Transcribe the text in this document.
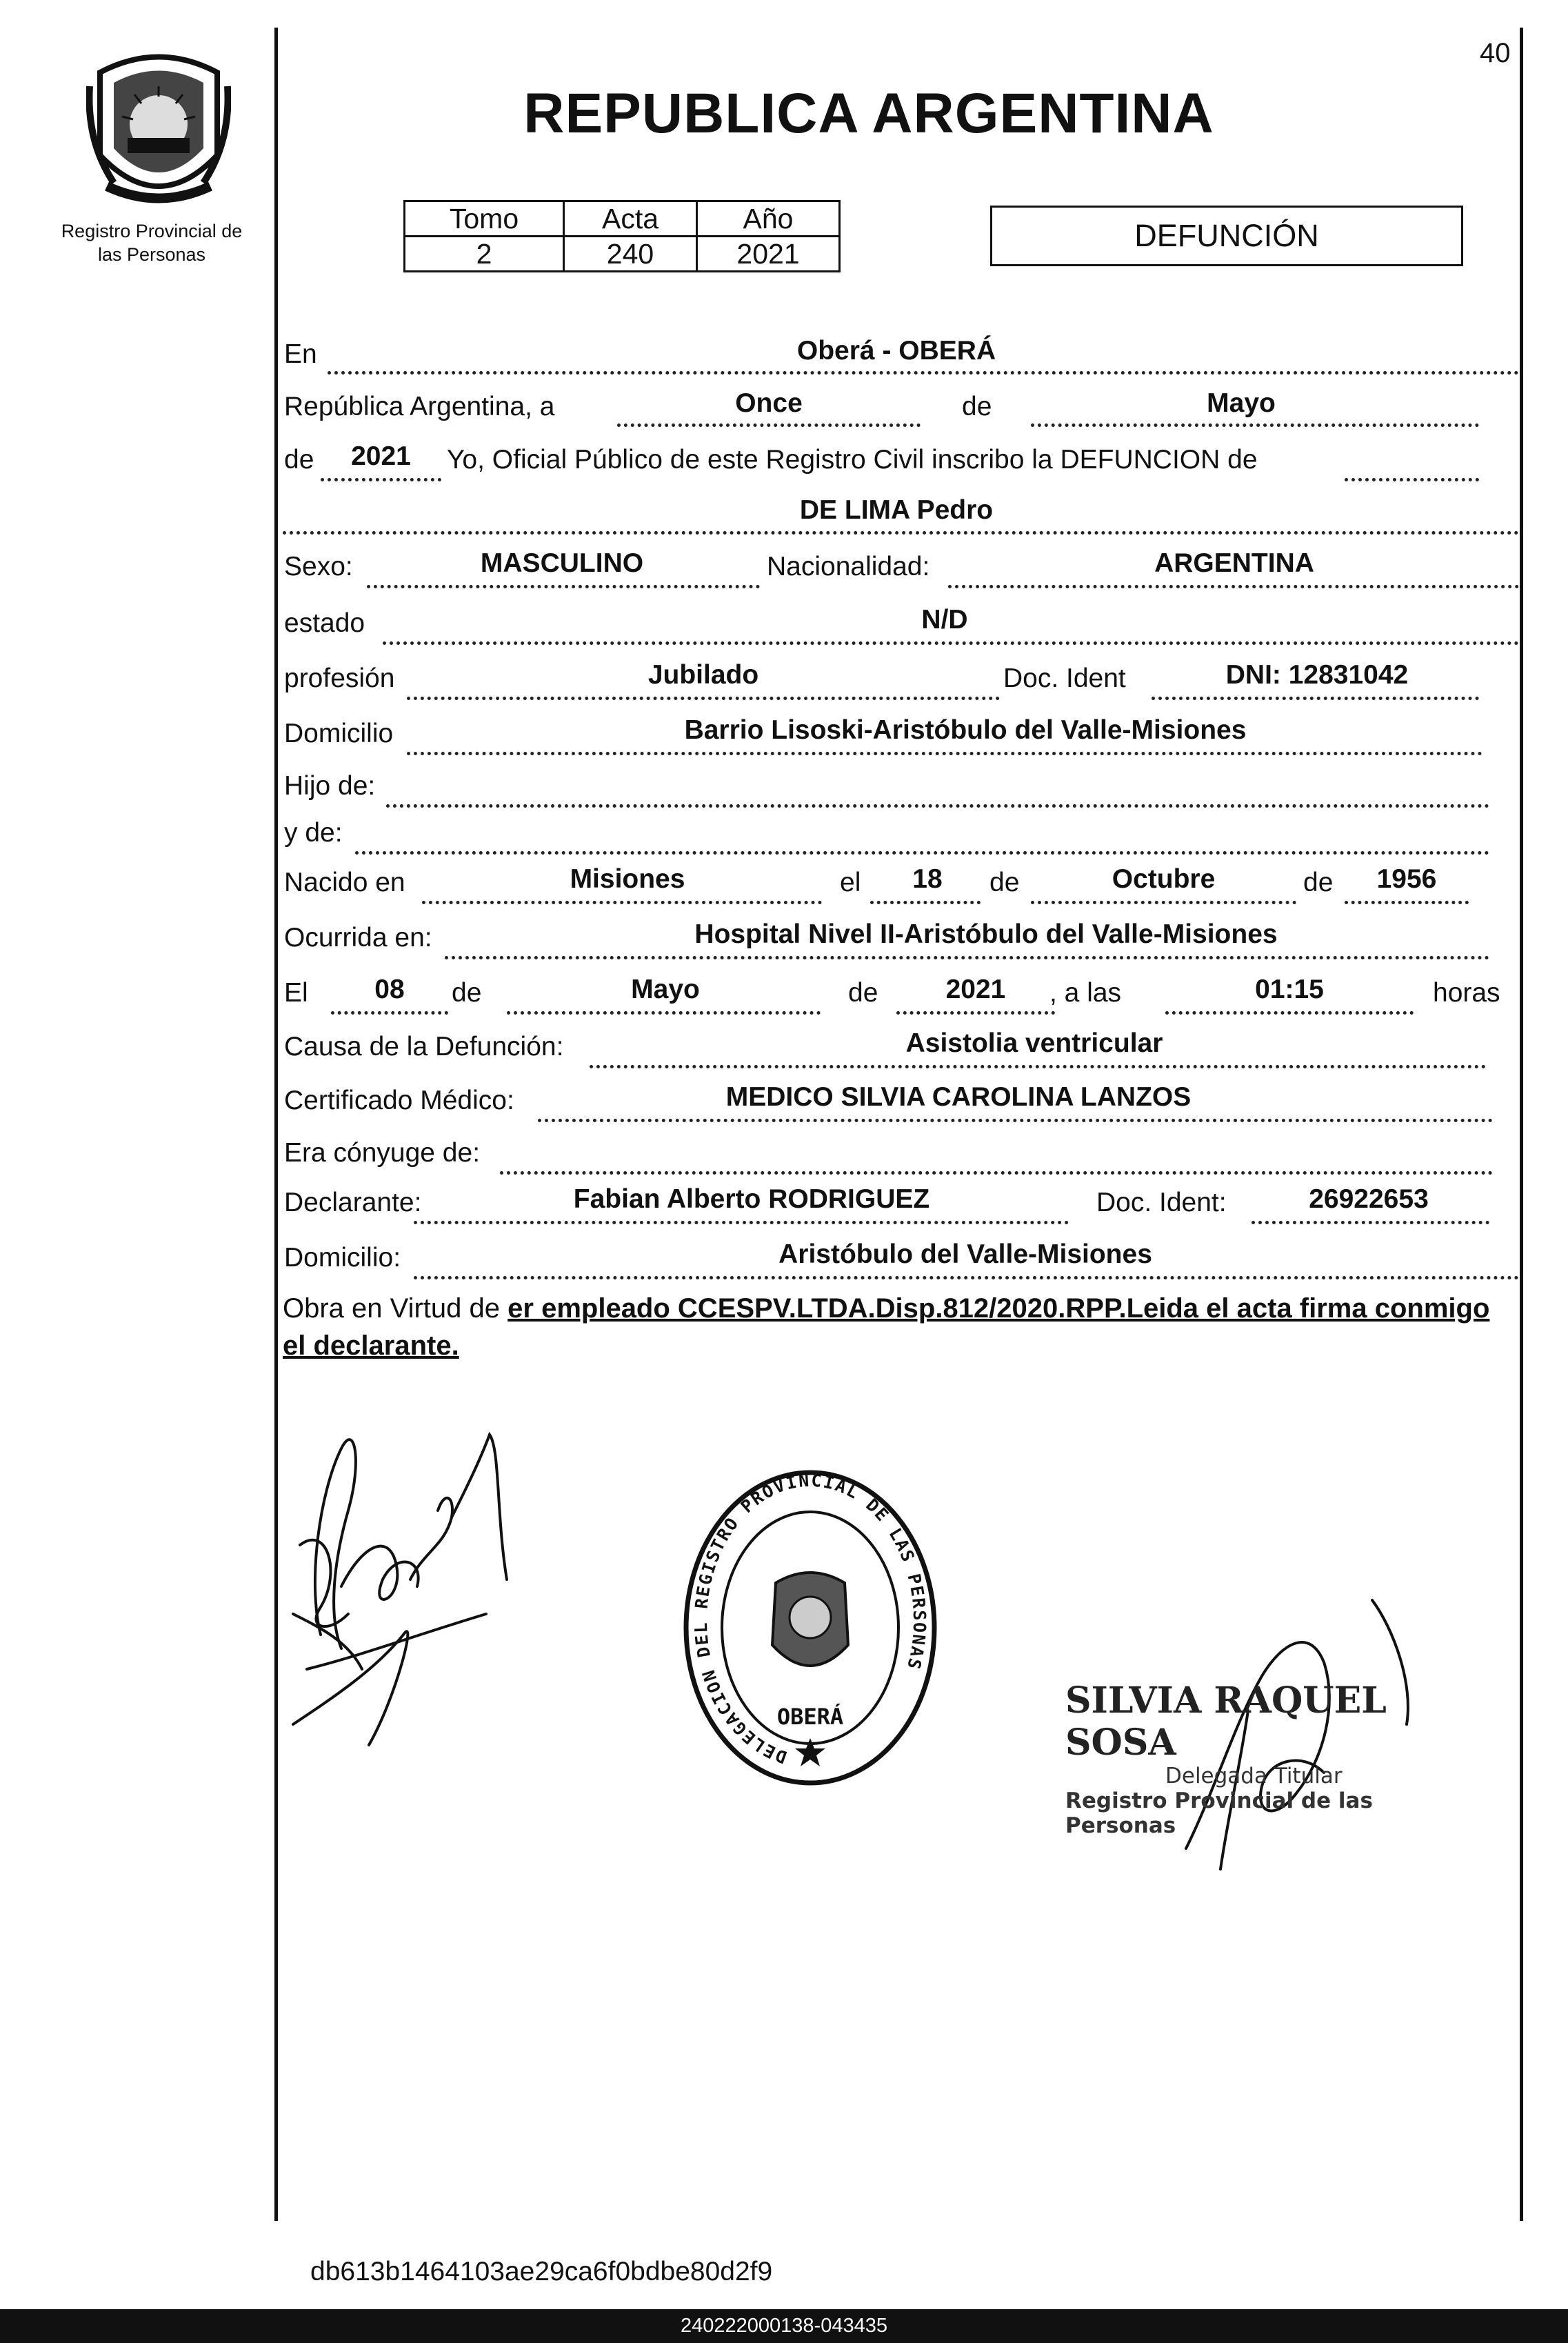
40
Registro Provincial de
las Personas
REPUBLICA ARGENTINA
Tomo	Acta	Año
2	240	2021
DEFUNCIÓN
En	Oberá - OBERÁ
República Argentina, a	Once	de	Mayo
de	2021	Yo, Oficial Público de este Registro Civil inscribo la DEFUNCION de
DE LIMA Pedro
Sexo:	MASCULINO	Nacionalidad:	ARGENTINA
estado	N/D
profesión	Jubilado	Doc. Ident	DNI: 12831042
Domicilio	Barrio Lisoski-Aristóbulo del Valle-Misiones
Hijo de:
y de:
Nacido en	Misiones	el	18	de	Octubre	de	1956
Ocurrida en:	Hospital Nivel II-Aristóbulo del Valle-Misiones
El	08	de	Mayo	de	2021	, a las	01:15	horas
Causa de la Defunción:	Asistolia ventricular
Certificado Médico:	MEDICO SILVIA CAROLINA LANZOS
Era cónyuge de:
Declarante:	Fabian Alberto RODRIGUEZ	Doc. Ident:	26922653
Domicilio:	Aristóbulo del Valle-Misiones
Obra en Virtud de er empleado CCESPV.LTDA.Disp.812/2020.RPP.Leida el acta firma conmigo el declarante.
DELEGACION DEL REGISTRO PROVINCIAL DE LAS PERSONAS
OBERÁ	SILVIA RAQUEL SOSA
Delegada Titular
Registro Provincial de las Personas
db613b1464103ae29ca6f0bdbe80d2f9
240222000138-043435
